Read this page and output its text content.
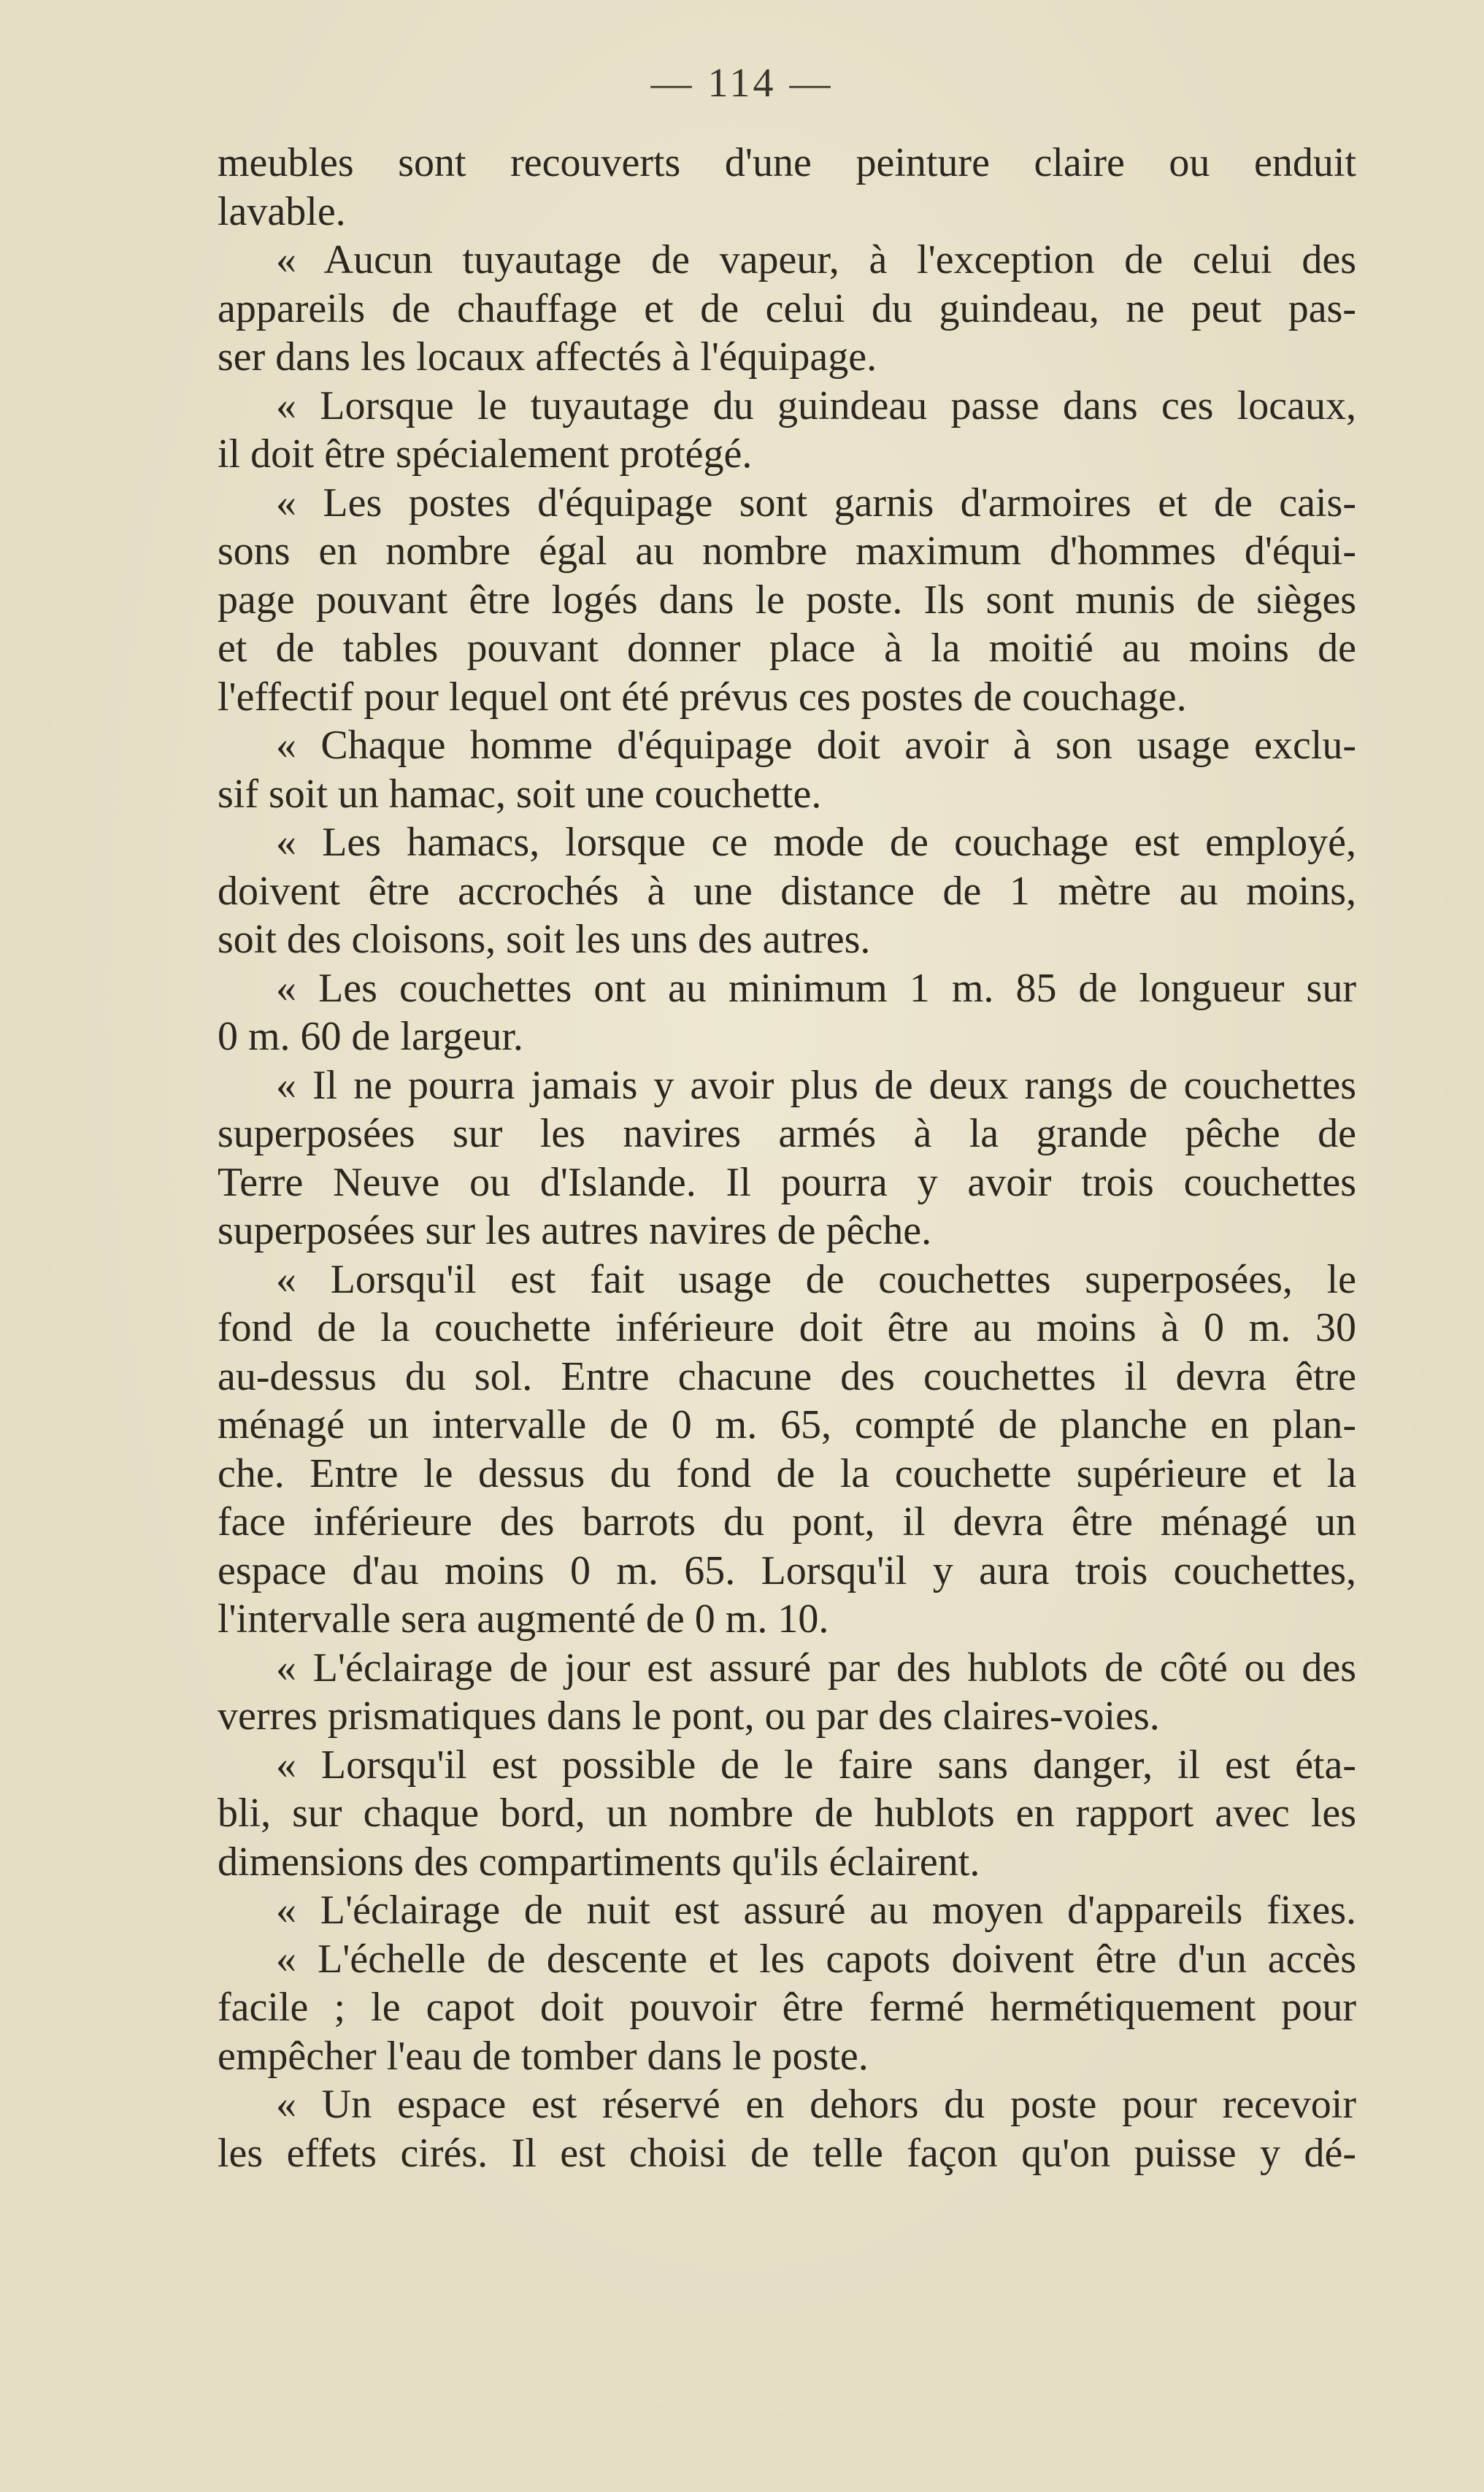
— 114 —
meubles sont recouverts d'une peinture claire ou enduit
lavable.
« Aucun tuyautage de vapeur, à l'exception de celui des
appareils de chauffage et de celui du guindeau, ne peut pas-
ser dans les locaux affectés à l'équipage.
« Lorsque le tuyautage du guindeau passe dans ces locaux,
il doit être spécialement protégé.
« Les postes d'équipage sont garnis d'armoires et de cais-
sons en nombre égal au nombre maximum d'hommes d'équi-
page pouvant être logés dans le poste. Ils sont munis de sièges
et de tables pouvant donner place à la moitié au moins de
l'effectif pour lequel ont été prévus ces postes de couchage.
« Chaque homme d'équipage doit avoir à son usage exclu-
sif soit un hamac, soit une couchette.
« Les hamacs, lorsque ce mode de couchage est employé,
doivent être accrochés à une distance de 1 mètre au moins,
soit des cloisons, soit les uns des autres.
« Les couchettes ont au minimum 1 m. 85 de longueur sur
0 m. 60 de largeur.
« Il ne pourra jamais y avoir plus de deux rangs de couchettes
superposées sur les navires armés à la grande pêche de
Terre Neuve ou d'Islande. Il pourra y avoir trois couchettes
superposées sur les autres navires de pêche.
« Lorsqu'il est fait usage de couchettes superposées, le
fond de la couchette inférieure doit être au moins à 0 m. 30
au-dessus du sol. Entre chacune des couchettes il devra être
ménagé un intervalle de 0 m. 65, compté de planche en plan-
che. Entre le dessus du fond de la couchette supérieure et la
face inférieure des barrots du pont, il devra être ménagé un
espace d'au moins 0 m. 65. Lorsqu'il y aura trois couchettes,
l'intervalle sera augmenté de 0 m. 10.
« L'éclairage de jour est assuré par des hublots de côté ou des
verres prismatiques dans le pont, ou par des claires-voies.
« Lorsqu'il est possible de le faire sans danger, il est éta-
bli, sur chaque bord, un nombre de hublots en rapport avec les
dimensions des compartiments qu'ils éclairent.
« L'éclairage de nuit est assuré au moyen d'appareils fixes.
« L'échelle de descente et les capots doivent être d'un accès
facile ; le capot doit pouvoir être fermé hermétiquement pour
empêcher l'eau de tomber dans le poste.
« Un espace est réservé en dehors du poste pour recevoir
les effets cirés. Il est choisi de telle façon qu'on puisse y dé-
